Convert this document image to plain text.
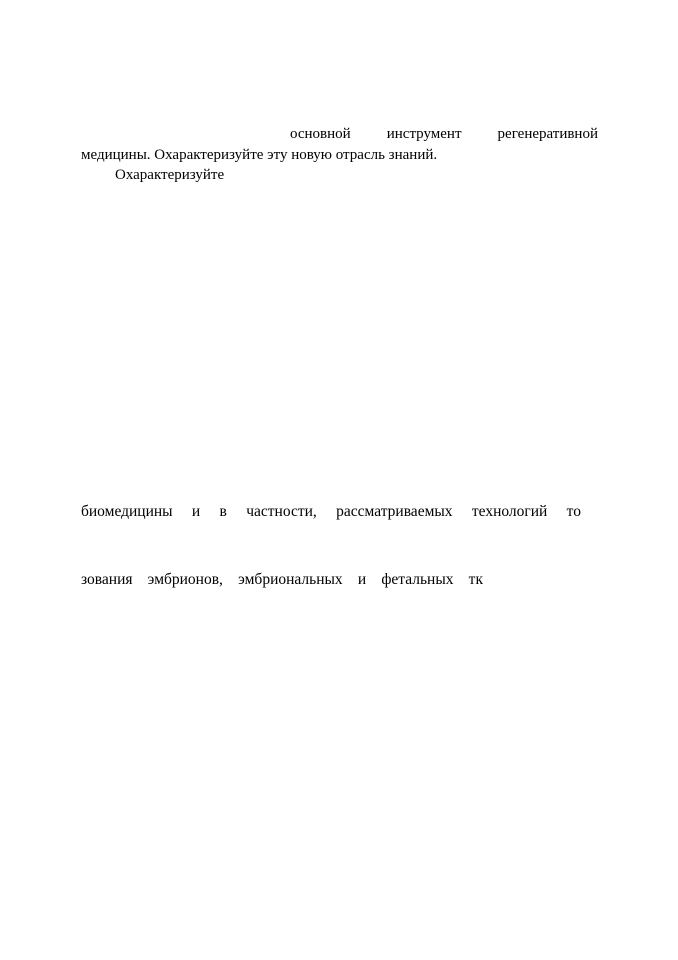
основной инструмент регенеративной
медицины. Охарактеризуйте эту новую отрасль знаний.
Охарактеризуйте
биомедицины и в частности, рассматриваемых технологий то
зования эмбрионов, эмбриональных и фетальных тк
